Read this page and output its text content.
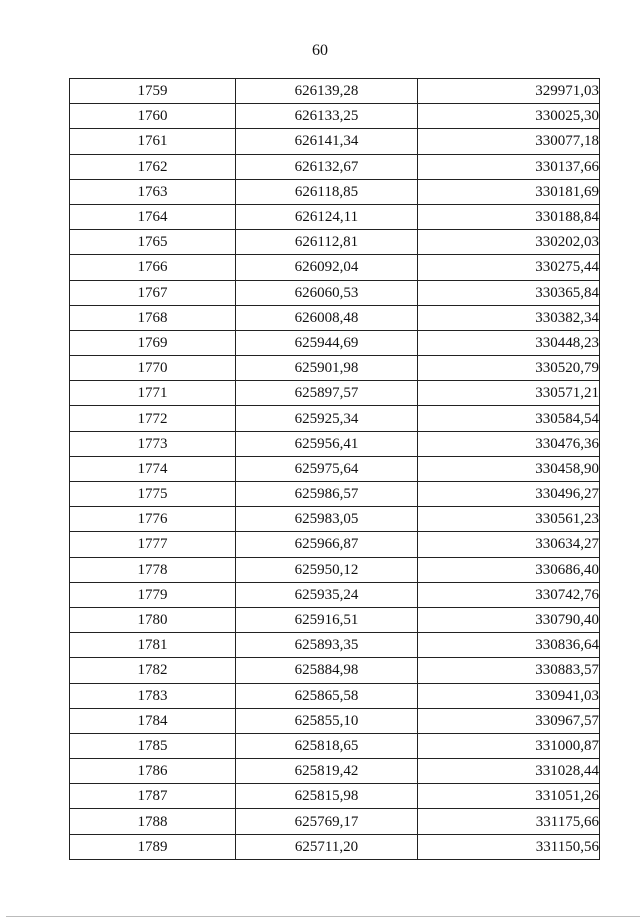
60
1759	626139,28	329971,03
1760	626133,25	330025,30
1761	626141,34	330077,18
1762	626132,67	330137,66
1763	626118,85	330181,69
1764	626124,11	330188,84
1765	626112,81	330202,03
1766	626092,04	330275,44
1767	626060,53	330365,84
1768	626008,48	330382,34
1769	625944,69	330448,23
1770	625901,98	330520,79
1771	625897,57	330571,21
1772	625925,34	330584,54
1773	625956,41	330476,36
1774	625975,64	330458,90
1775	625986,57	330496,27
1776	625983,05	330561,23
1777	625966,87	330634,27
1778	625950,12	330686,40
1779	625935,24	330742,76
1780	625916,51	330790,40
1781	625893,35	330836,64
1782	625884,98	330883,57
1783	625865,58	330941,03
1784	625855,10	330967,57
1785	625818,65	331000,87
1786	625819,42	331028,44
1787	625815,98	331051,26
1788	625769,17	331175,66
1789	625711,20	331150,56
